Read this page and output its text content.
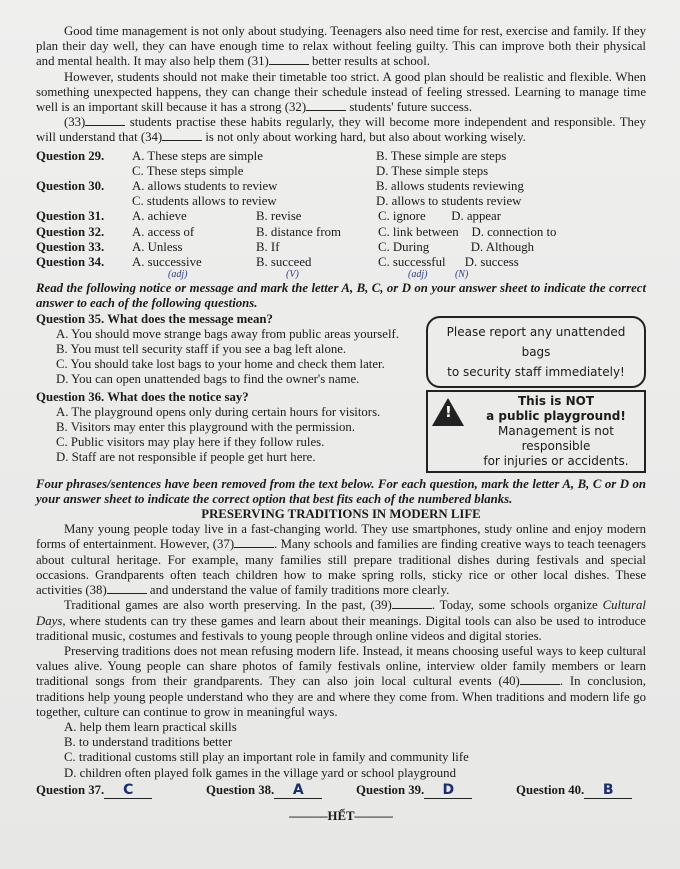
Good time management is not only about studying. Teenagers also need time for rest, exercise and family. If they plan their day well, they can have enough time to relax without feeling guilty. This can improve both their physical and mental health. It may also help them (31)	better results at school.

However, students should not make their timetable too strict. A good plan should be realistic and flexible. When something unexpected happens, they can change their schedule instead of feeling stressed. Learning to manage time well is an important skill because it has a strong (32)	students' future success.

(33)	students practise these habits regularly, they will become more independent and responsible. They will understand that (34)	is not only about working hard, but also about working wisely.

Question 29.	A. These steps are simple	B. These simple are steps
C. These steps simple	D. These simple steps
Question 30.	A. allows students to review	B. allows students reviewing
C. students allows to review	D. allows to students review
Question 31.	A. achieve	B. revise	C. ignore D. appear
Question 32.	A. access of	B. distance from	C. link between D. connection to
Question 33.	A. Unless	B. If	C. During	D. Although
Question 34.	A. successive	B. succeed	C. successful D. success
(adj)	(V)	(adj)	(N)

Read the following notice or message and mark the letter A, B, C, or D on your answer sheet to indicate the correct answer to each of the following questions.

Question 35. What does the message mean?
A. You should move strange bags away from public areas yourself.
B. You must tell security staff if you see a bag left alone.
C. You should take lost bags to your home and check them later.
D. You can open unattended bags to find the owner's name.
Please report any unattended bags
to security staff immediately!
Question 36. What does the notice say?
A. The playground opens only during certain hours for visitors.
B. Visitors may enter this playground with the permission.
C. Public visitors may play here if they follow rules.
D. Staff are not responsible if people get hurt here.
!
This is NOT
a public playground!
Management is not responsible
for injuries or accidents.

Four phrases/sentences have been removed from the text below. For each question, mark the letter A, B, C or D on your answer sheet to indicate the correct option that best fits each of the numbered blanks.

PRESERVING TRADITIONS IN MODERN LIFE

Many young people today live in a fast-changing world. They use smartphones, study online and enjoy modern forms of entertainment. However, (37)	. Many schools and families are finding creative ways to teach teenagers about cultural heritage. For example, many families still prepare traditional dishes during festivals and special occasions. Grandparents often teach children how to make spring rolls, sticky rice or other local dishes. These activities (38)	and understand the value of family traditions more clearly.

Traditional games are also worth preserving. In the past, (39)	. Today, some schools organize Cultural Days, where students can try these games and learn about their meanings. Digital tools can also be used to introduce traditional music, costumes and festivals to young people through online videos and digital stories.

Preserving traditions does not mean refusing modern life. Instead, it means choosing useful ways to keep cultural values alive. Young people can share photos of family festivals online, interview older family members or learn traditional songs from their grandparents. They can also join local cultural events (40)	. In conclusion, traditions help young people understand who they are and where they come from. When traditions and modern life go together, culture can continue to grow in meaningful ways.

A. help them learn practical skills
B. to understand traditions better
C. traditional customs still play an important role in family and community life
D. children often played folk games in the village yard or school playground
Question 37. C	Question 38. A	Question 39. D	Question 40. B
———HẾT———
